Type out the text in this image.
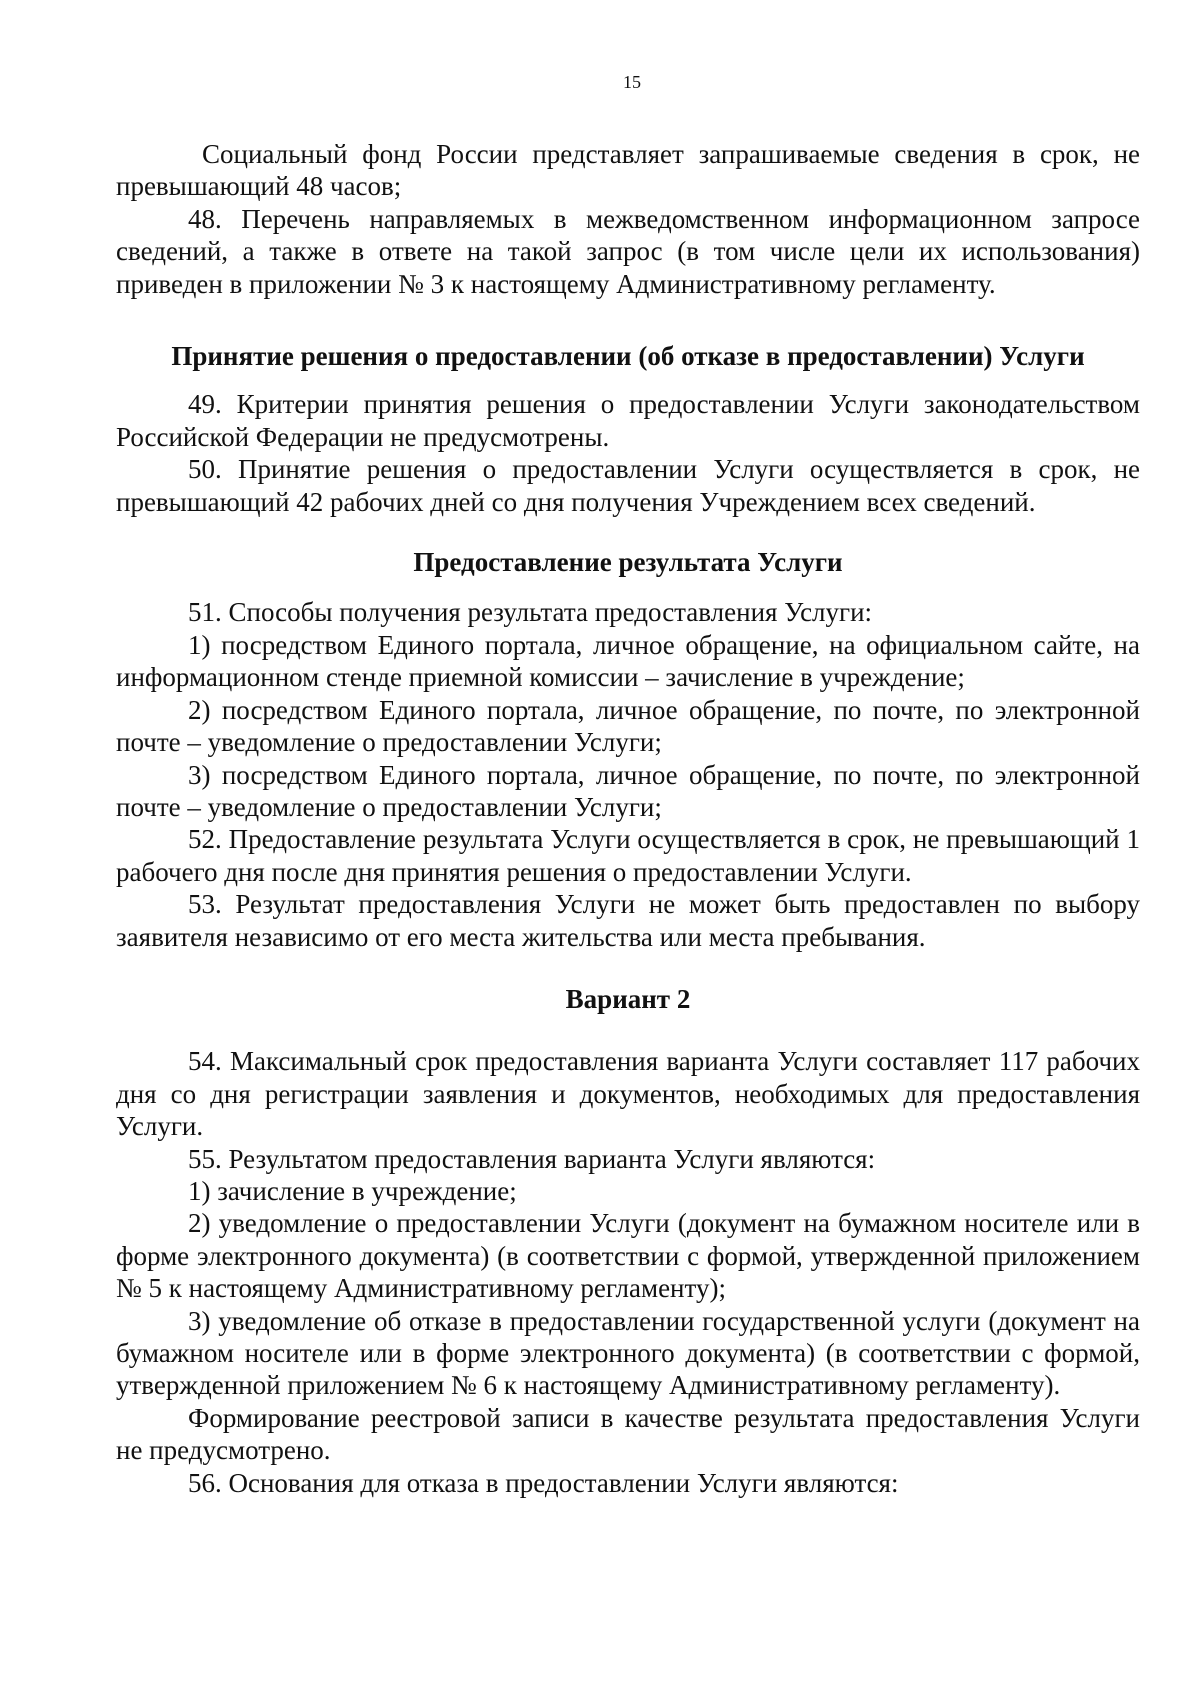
15

Социальный фонд России представляет запрашиваемые сведения в срок, не превышающий 48 часов;

48. Перечень направляемых в межведомственном информационном запросе сведений, а также в ответе на такой запрос (в том числе цели их использования) приведен в приложении № 3 к настоящему Административному регламенту.

Принятие решения о предоставлении (об отказе в предоставлении) Услуги

49. Критерии принятия решения о предоставлении Услуги законодательством Российской Федерации не предусмотрены.

50. Принятие решения о предоставлении Услуги осуществляется в срок, не превышающий 42 рабочих дней со дня получения Учреждением всех сведений.

Предоставление результата Услуги

51. Способы получения результата предоставления Услуги:

1) посредством Единого портала, личное обращение, на официальном сайте, на информационном стенде приемной комиссии – зачисление в учреждение;

2) посредством Единого портала, личное обращение, по почте, по электронной почте – уведомление о предоставлении Услуги;

3) посредством Единого портала, личное обращение, по почте, по электронной почте – уведомление о предоставлении Услуги;

52. Предоставление результата Услуги осуществляется в срок, не превышающий 1 рабочего дня после дня принятия решения о предоставлении Услуги.

53. Результат предоставления Услуги не может быть предоставлен по выбору заявителя независимо от его места жительства или места пребывания.

Вариант 2

54. Максимальный срок предоставления варианта Услуги составляет 117 рабочих дня со дня регистрации заявления и документов, необходимых для предоставления Услуги.

55. Результатом предоставления варианта Услуги являются:

1) зачисление в учреждение;

2) уведомление о предоставлении Услуги (документ на бумажном носителе или в форме электронного документа) (в соответствии с формой, утвержденной приложением № 5 к настоящему Административному регламенту);

3) уведомление об отказе в предоставлении государственной услуги (документ на бумажном носителе или в форме электронного документа) (в соответствии с формой, утвержденной приложением № 6 к настоящему Административному регламенту).

Формирование реестровой записи в качестве результата предоставления Услуги не предусмотрено.

56. Основания для отказа в предоставлении Услуги являются:
